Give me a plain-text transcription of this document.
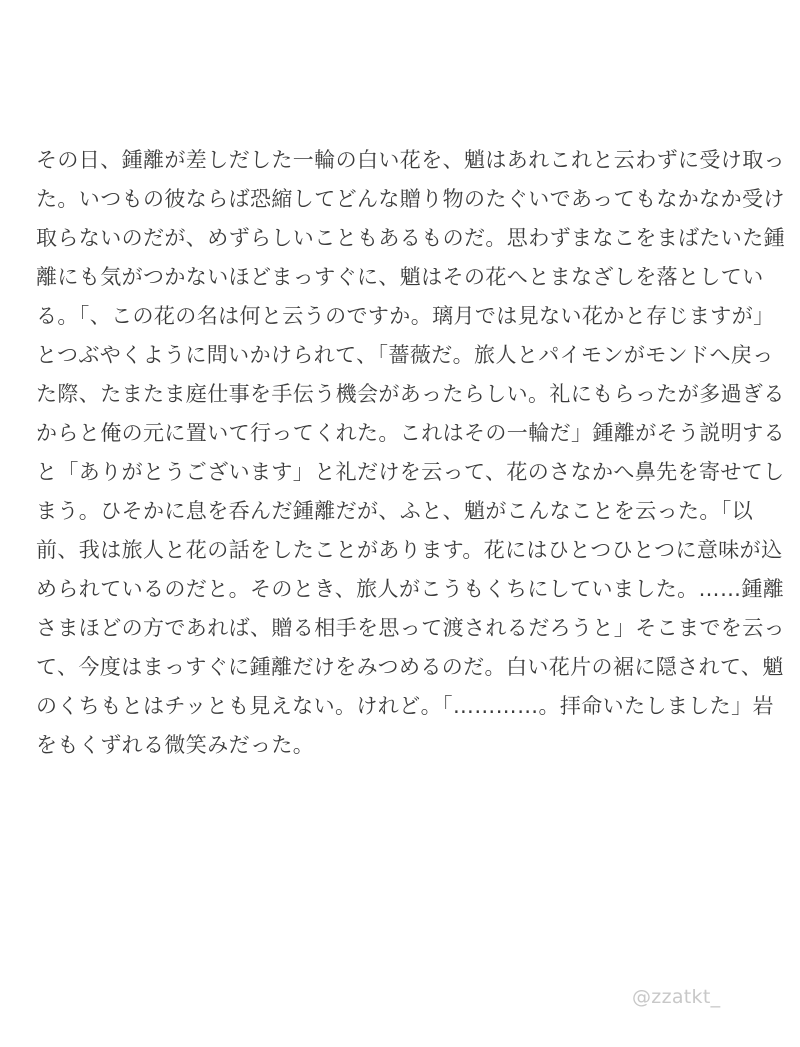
その日、鍾離が差しだした一輪の白い花を、魈はあれこれと云わずに受け取っ
た。いつもの彼ならば恐縮してどんな贈り物のたぐいであってもなかなか受け
取らないのだが、めずらしいこともあるものだ。思わずまなこをまばたいた鍾
離にも気がつかないほどまっすぐに、魈はその花へとまなざしを落としてい
る。「、この花の名は何と云うのですか。璃月では見ない花かと存じますが」
とつぶやくように問いかけられて、「薔薇だ。旅人とパイモンがモンドへ戻っ
た際、たまたま庭仕事を手伝う機会があったらしい。礼にもらったが多過ぎる
からと俺の元に置いて行ってくれた。これはその一輪だ」鍾離がそう説明する
と「ありがとうございます」と礼だけを云って、花のさなかへ鼻先を寄せてし
まう。ひそかに息を呑んだ鍾離だが、ふと、魈がこんなことを云った。「以
前、我は旅人と花の話をしたことがあります。花にはひとつひとつに意味が込
められているのだと。そのとき、旅人がこうもくちにしていました。……鍾離
さまほどの方であれば、贈る相手を思って渡されるだろうと」そこまでを云っ
て、今度はまっすぐに鍾離だけをみつめるのだ。白い花片の裾に隠されて、魈
のくちもとはチッとも見えない。けれど。「…………。拝命いたしました」岩
をもくずれる微笑みだった。
@zzatkt_
